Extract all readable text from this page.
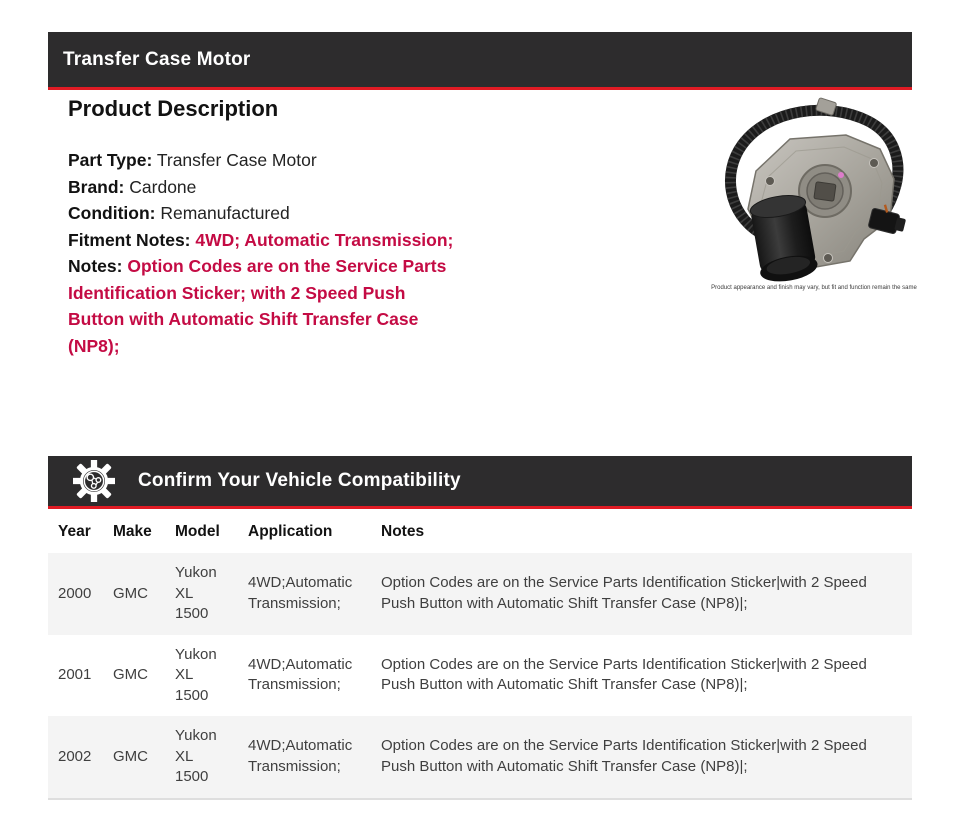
Transfer Case Motor
Product Description

Part Type: Transfer Case Motor

Brand: Cardone

Condition: Remanufactured

Fitment Notes: 4WD; Automatic Transmission;
Notes: Option Codes are on the Service Parts Identification Sticker; with 2 Speed Push Button with Automatic Shift Transfer Case (NP8);

Product appearance and finish may vary, but fit and function remain the same
Confirm Your Vehicle Compatibility
Year	Make	Model	Application	Notes
2000	GMC	Yukon XL 1500	4WD;Automatic Transmission;	Option Codes are on the Service Parts Identification Sticker|with 2 Speed Push Button with Automatic Shift Transfer Case (NP8)|;
2001	GMC	Yukon XL 1500	4WD;Automatic Transmission;	Option Codes are on the Service Parts Identification Sticker|with 2 Speed Push Button with Automatic Shift Transfer Case (NP8)|;
2002	GMC	Yukon XL 1500	4WD;Automatic Transmission;	Option Codes are on the Service Parts Identification Sticker|with 2 Speed Push Button with Automatic Shift Transfer Case (NP8)|;
